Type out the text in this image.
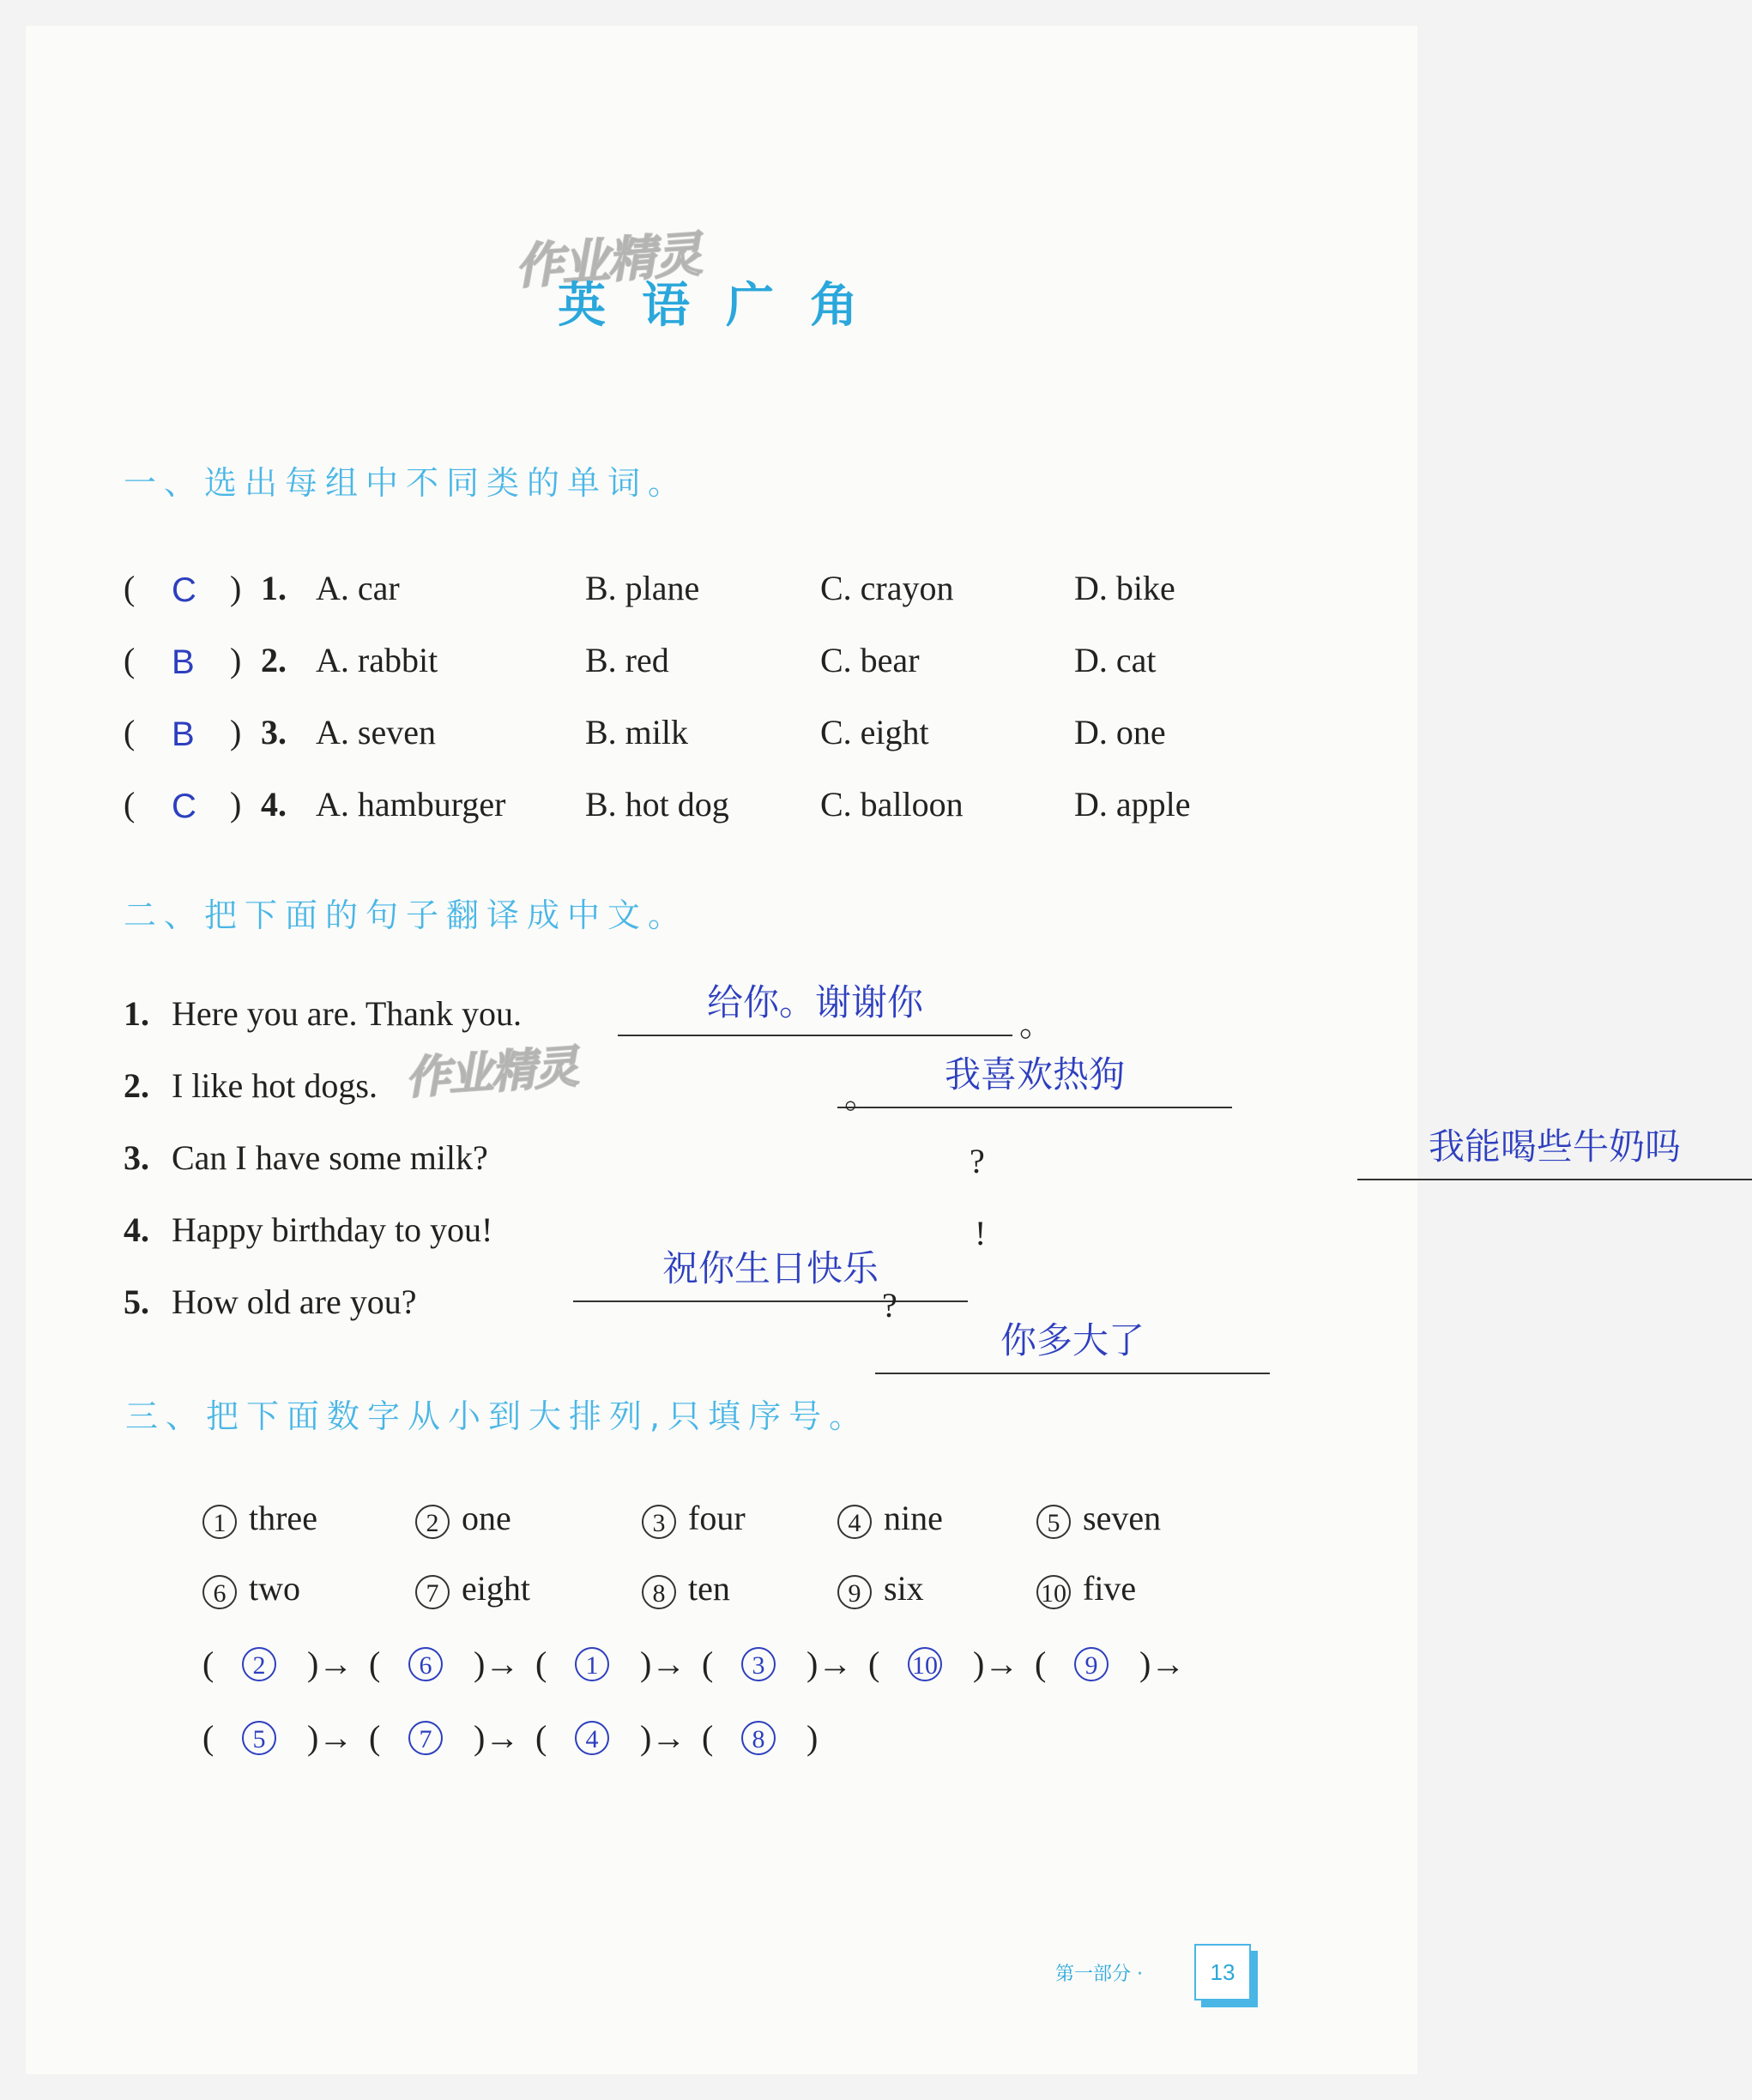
作业精灵
作业精灵
英语广角
一、选出每组中不同类的单词。
( C ) 1. A. car	B. plane	C. crayon	D. bike
( B ) 2. A. rabbit	B. red	C. bear	D. cat
( B ) 3. A. seven	B. milk	C. eight	D. one
( C ) 4. A. hamburger B. hot dog	C. balloon	D. apple
二、把下面的句子翻译成中文。
1. Here you are. Thank you.	给你。谢谢你
。
2. I like hot dogs.	我喜欢热狗
。
3. Can I have some milk?	我能喝些牛奶吗
?
4. Happy birthday to you!
祝你生日快乐
!
5. How old are you?
你多大了
?
三、把下面数字从小到大排列,只填序号。
1 three	2 one	3 four	4 nine	5 seven
6 two	7 eight	8 ten	9 six	10 five
(	2	)→ (	6	)→ (	1	)→ (	3	)→ ( 10 )→ (	9	)→
(	5	)→ (	7	)→ (	4	)→ (	8	)
第一部分 ·	13
